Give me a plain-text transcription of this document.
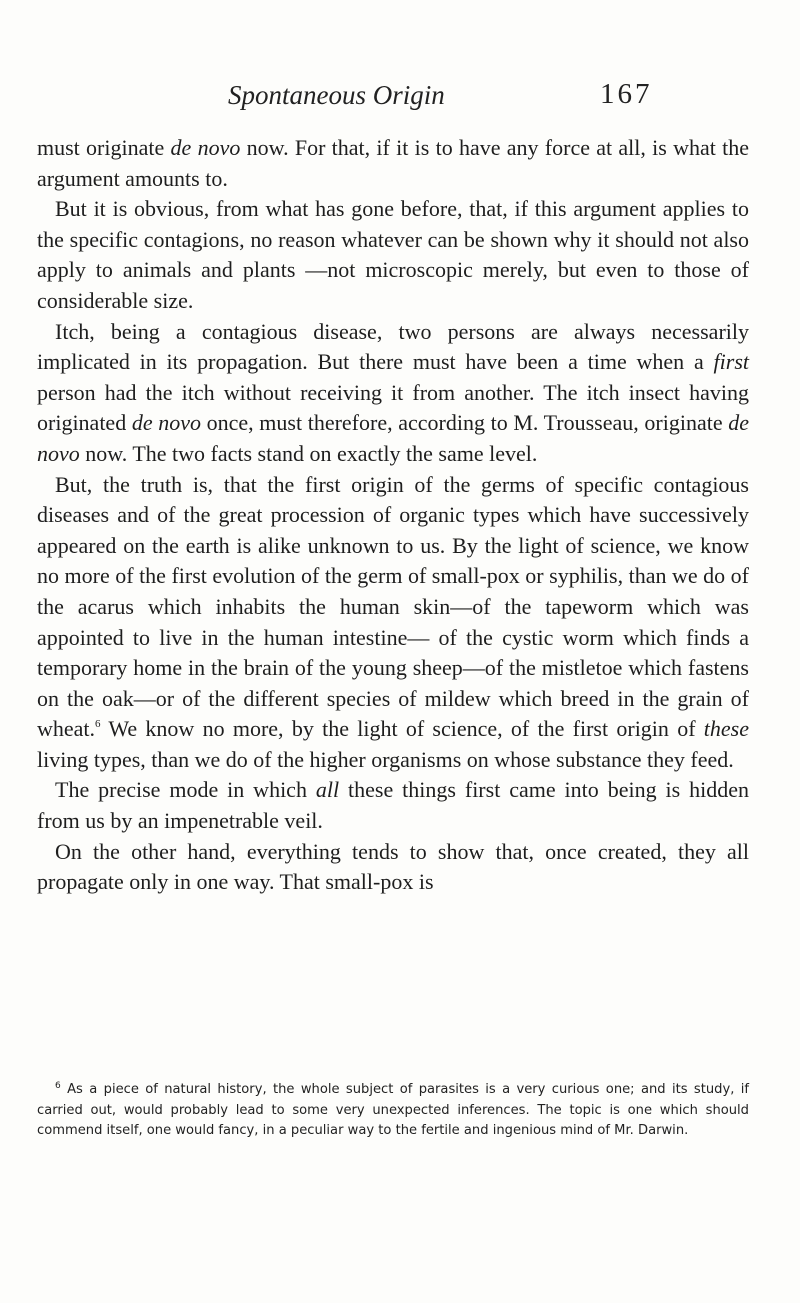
Spontaneous Origin	167

must originate de novo now. For that, if it is to have any force at all, is what the argument amounts to.

But it is obvious, from what has gone before, that, if this argument applies to the specific contagions, no reason whatever can be shown why it should not also apply to animals and plants —not microscopic merely, but even to those of considerable size.

Itch, being a contagious disease, two persons are always necessarily implicated in its propagation. But there must have been a time when a first person had the itch without receiving it from another. The itch insect having originated de novo once, must therefore, according to M. Trousseau, originate de novo now. The two facts stand on exactly the same level.

But, the truth is, that the first origin of the germs of specific contagious diseases and of the great procession of organic types which have successively appeared on the earth is alike unknown to us. By the light of science, we know no more of the first evolution of the germ of small-pox or syphilis, than we do of the acarus which inhabits the human skin—of the tapeworm which was appointed to live in the human intestine— of the cystic worm which finds a temporary home in the brain of the young sheep—of the mistletoe which fastens on the oak—or of the different species of mildew which breed in the grain of wheat.$^6$ We know no more, by the light of science, of the first origin of these living types, than we do of the higher organisms on whose substance they feed.

The precise mode in which all these things first came into being is hidden from us by an impenetrable veil.

On the other hand, everything tends to show that, once created, they all propagate only in one way. That small-pox is

$^6$ As a piece of natural history, the whole subject of parasites is a very curious one; and its study, if carried out, would probably lead to some very unexpected inferences. The topic is one which should commend itself, one would fancy, in a peculiar way to the fertile and ingenious mind of Mr. Darwin.
